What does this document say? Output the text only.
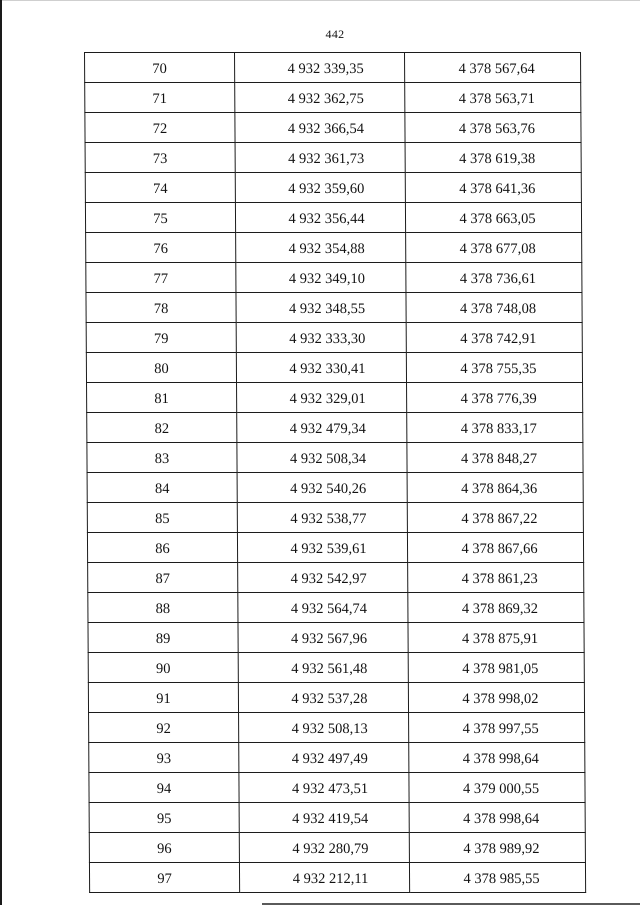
442
70	4 932 339,35	4 378 567,64
71	4 932 362,75	4 378 563,71
72	4 932 366,54	4 378 563,76
73	4 932 361,73	4 378 619,38
74	4 932 359,60	4 378 641,36
75	4 932 356,44	4 378 663,05
76	4 932 354,88	4 378 677,08
77	4 932 349,10	4 378 736,61
78	4 932 348,55	4 378 748,08
79	4 932 333,30	4 378 742,91
80	4 932 330,41	4 378 755,35
81	4 932 329,01	4 378 776,39
82	4 932 479,34	4 378 833,17
83	4 932 508,34	4 378 848,27
84	4 932 540,26	4 378 864,36
85	4 932 538,77	4 378 867,22
86	4 932 539,61	4 378 867,66
87	4 932 542,97	4 378 861,23
88	4 932 564,74	4 378 869,32
89	4 932 567,96	4 378 875,91
90	4 932 561,48	4 378 981,05
91	4 932 537,28	4 378 998,02
92	4 932 508,13	4 378 997,55
93	4 932 497,49	4 378 998,64
94	4 932 473,51	4 379 000,55
95	4 932 419,54	4 378 998,64
96	4 932 280,79	4 378 989,92
97	4 932 212,11	4 378 985,55
